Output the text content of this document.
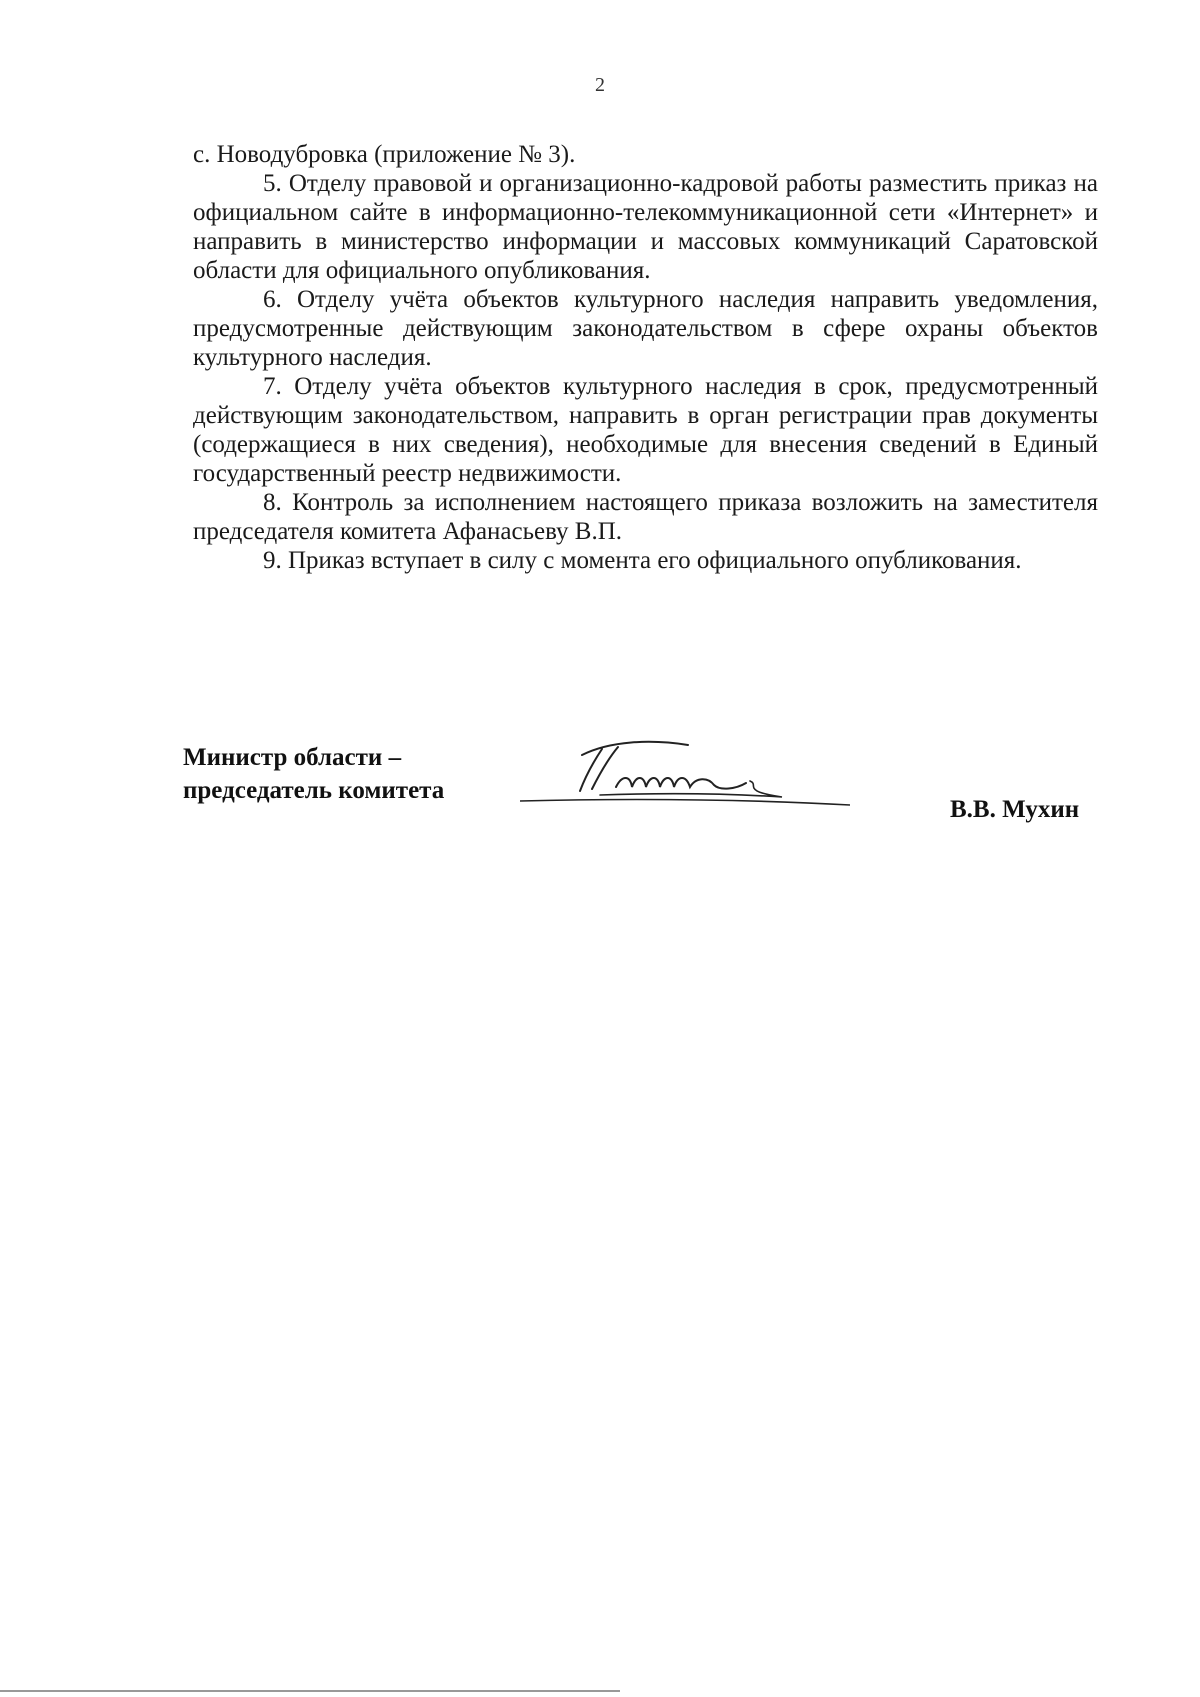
2

с. Новодубровка (приложение № 3).

5. Отделу правовой и организационно-кадровой работы разместить приказ на официальном сайте в информационно-телекоммуникационной сети «Интернет» и направить в министерство информации и массовых коммуникаций Саратовской области для официального опубликования.

6. Отделу учёта объектов культурного наследия направить уведомления, предусмотренные действующим законодательством в сфере охраны объектов культурного наследия.

7. Отделу учёта объектов культурного наследия в срок, предусмотренный действующим законодательством, направить в орган регистрации прав документы (содержащиеся в них сведения), необходимые для внесения сведений в Единый государственный реестр недвижимости.

8. Контроль за исполнением настоящего приказа возложить на заместителя председателя комитета Афанасьеву В.П.

9. Приказ вступает в силу с момента его официального опубликования.

Министр области –
председатель комитета
В.В. Мухин
